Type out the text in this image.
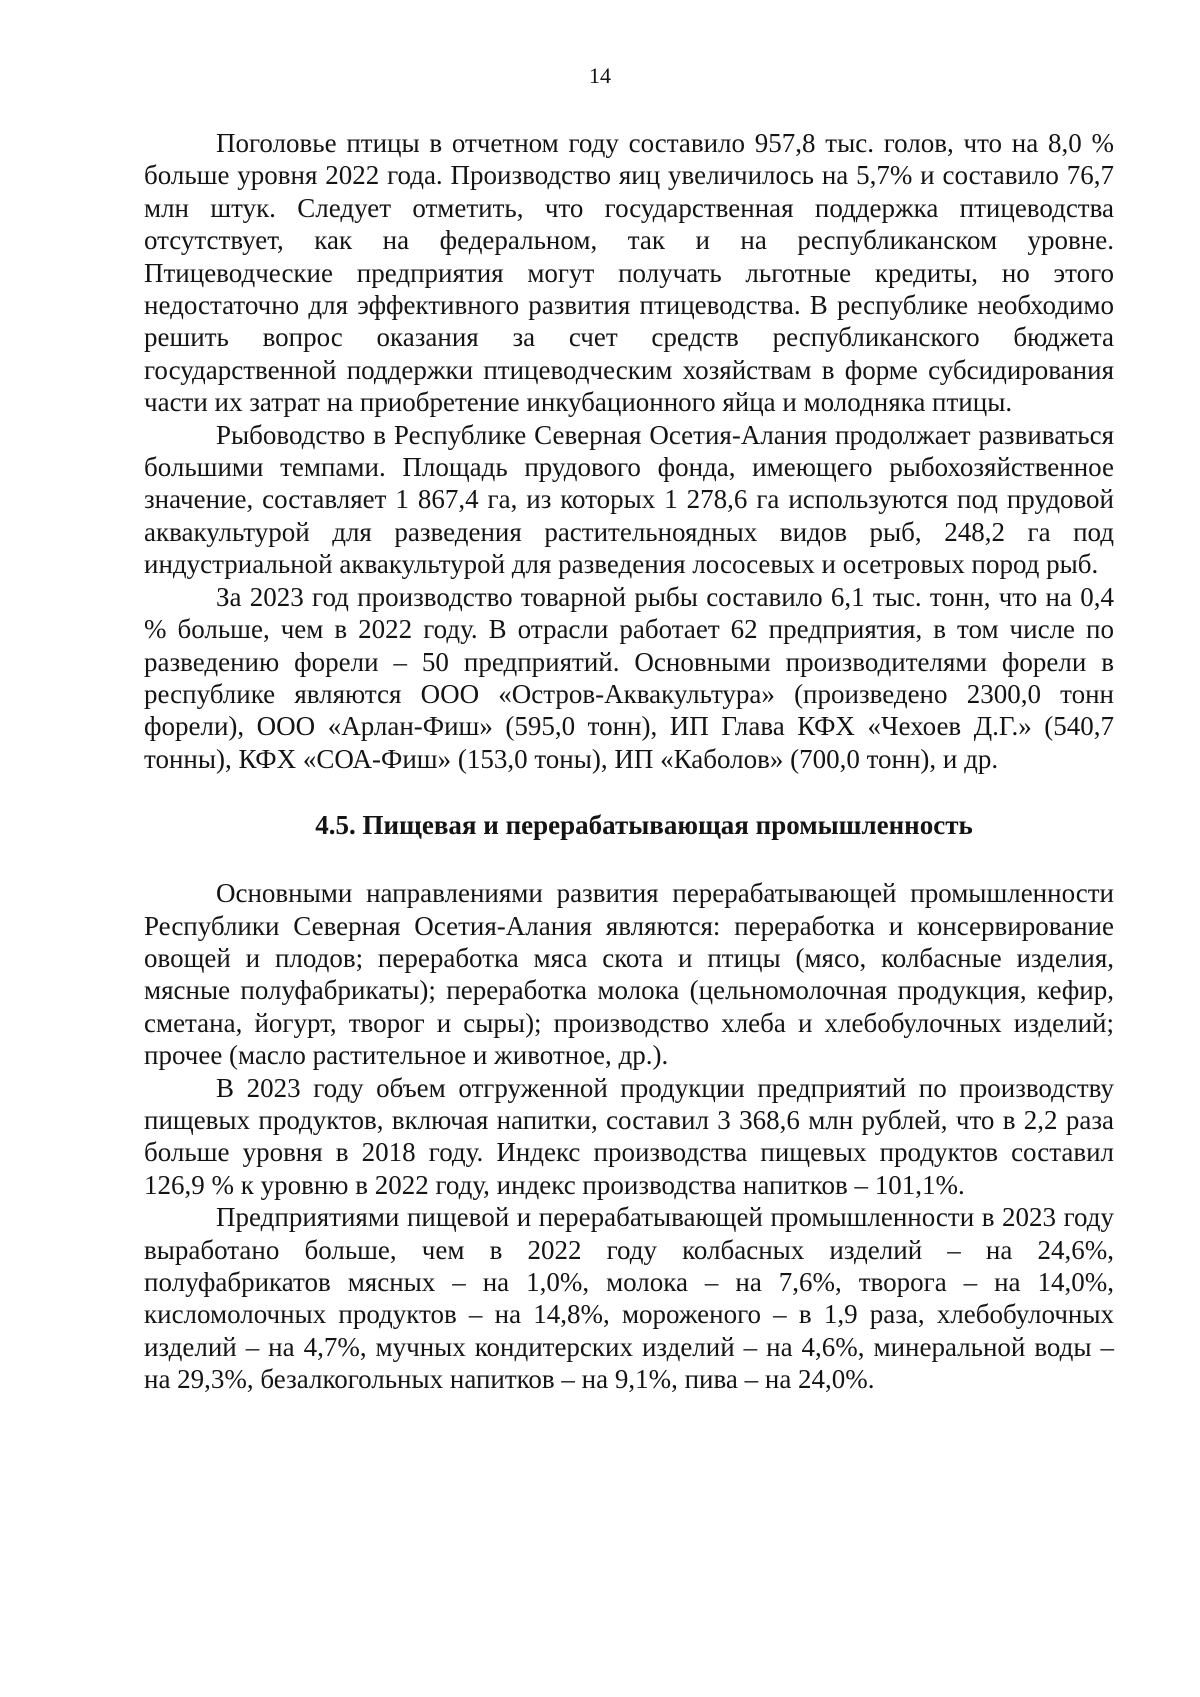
14

Поголовье птицы в отчетном году составило 957,8 тыс. голов, что на 8,0 % больше уровня 2022 года. Производство яиц увеличилось на 5,7% и составило 76,7 млн штук. Следует отметить, что государственная поддержка птицеводства отсутствует, как на федеральном, так и на республиканском уровне. Птицеводческие предприятия могут получать льготные кредиты, но этого недостаточно для эффективного развития птицеводства. В республике необходимо решить вопрос оказания за счет средств республиканского бюджета государственной поддержки птицеводческим хозяйствам в форме субсидирования части их затрат на приобретение инкубационного яйца и молодняка птицы.

Рыбоводство в Республике Северная Осетия-Алания продолжает развиваться большими темпами. Площадь прудового фонда, имеющего рыбохозяйственное значение, составляет 1 867,4 га, из которых 1 278,6 га используются под прудовой аквакультурой для разведения растительноядных видов рыб, 248,2 га под индустриальной аквакультурой для разведения лососевых и осетровых пород рыб.

За 2023 год производство товарной рыбы составило 6,1 тыс. тонн, что на 0,4 % больше, чем в 2022 году. В отрасли работает 62 предприятия, в том числе по разведению форели – 50 предприятий. Основными производителями форели в республике являются ООО «Остров-Аквакультура» (произведено 2300,0 тонн форели), ООО «Арлан-Фиш» (595,0 тонн), ИП Глава КФХ «Чехоев Д.Г.» (540,7 тонны), КФХ «СОА-Фиш» (153,0 тоны), ИП «Каболов» (700,0 тонн), и др.

4.5. Пищевая и перерабатывающая промышленность

Основными направлениями развития перерабатывающей промышленности Республики Северная Осетия-Алания являются: переработка и консервирование овощей и плодов; переработка мяса скота и птицы (мясо, колбасные изделия, мясные полуфабрикаты); переработка молока (цельномолочная продукция, кефир, сметана, йогурт, творог и сыры); производство хлеба и хлебобулочных изделий; прочее (масло растительное и животное, др.).

В 2023 году объем отгруженной продукции предприятий по производству пищевых продуктов, включая напитки, составил 3 368,6 млн рублей, что в 2,2 раза больше уровня в 2018 году. Индекс производства пищевых продуктов составил 126,9 % к уровню в 2022 году, индекс производства напитков – 101,1%.

Предприятиями пищевой и перерабатывающей промышленности в 2023 году выработано больше, чем в 2022 году колбасных изделий – на 24,6%, полуфабрикатов мясных – на 1,0%, молока – на 7,6%, творога – на 14,0%, кисломолочных продуктов – на 14,8%, мороженого – в 1,9 раза, хлебобулочных изделий – на 4,7%, мучных кондитерских изделий – на 4,6%, минеральной воды – на 29,3%, безалкогольных напитков – на 9,1%, пива – на 24,0%.
